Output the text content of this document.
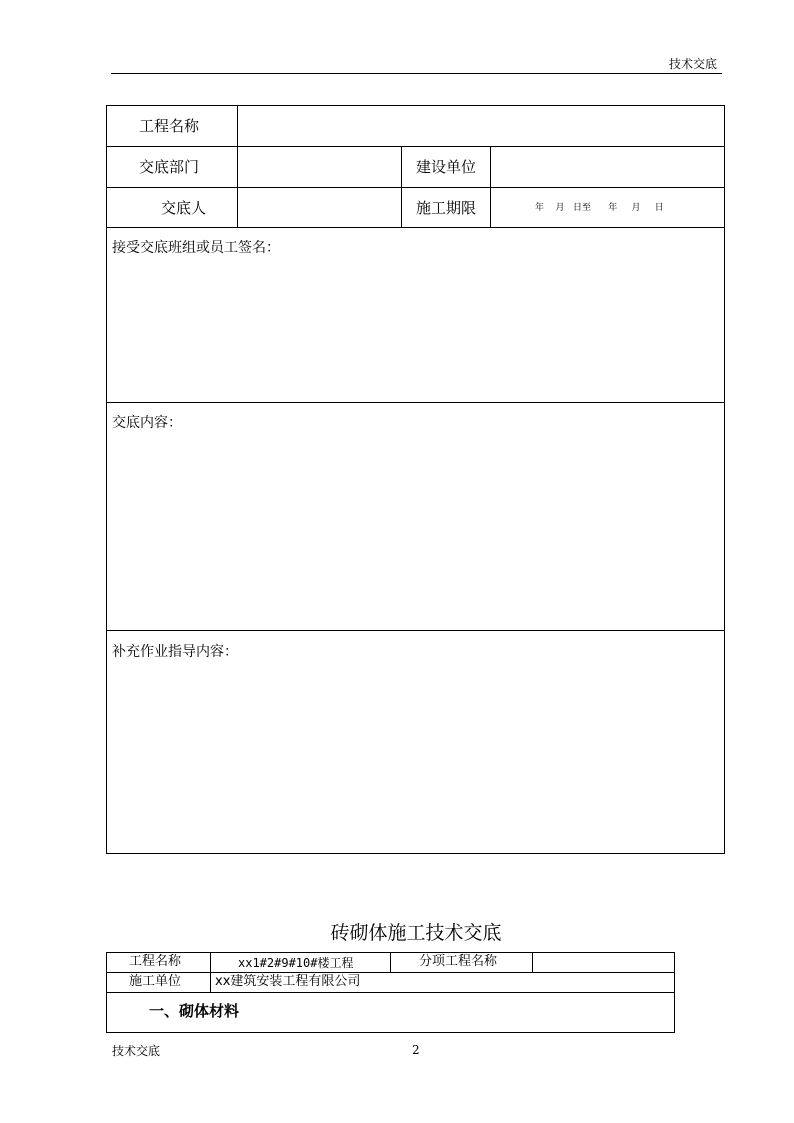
技术交底
工程名称
交底部门	建设单位
交底人	施工期限	年    月   日至      年     月     日
接受交底班组或员工签名：
交底内容：
补充作业指导内容：
砖砌体施工技术交底
工程名称	xx1#2#9#10#楼工程	分项工程名称
施工单位	xx建筑安装工程有限公司
一、砌体材料
技术交底	2
